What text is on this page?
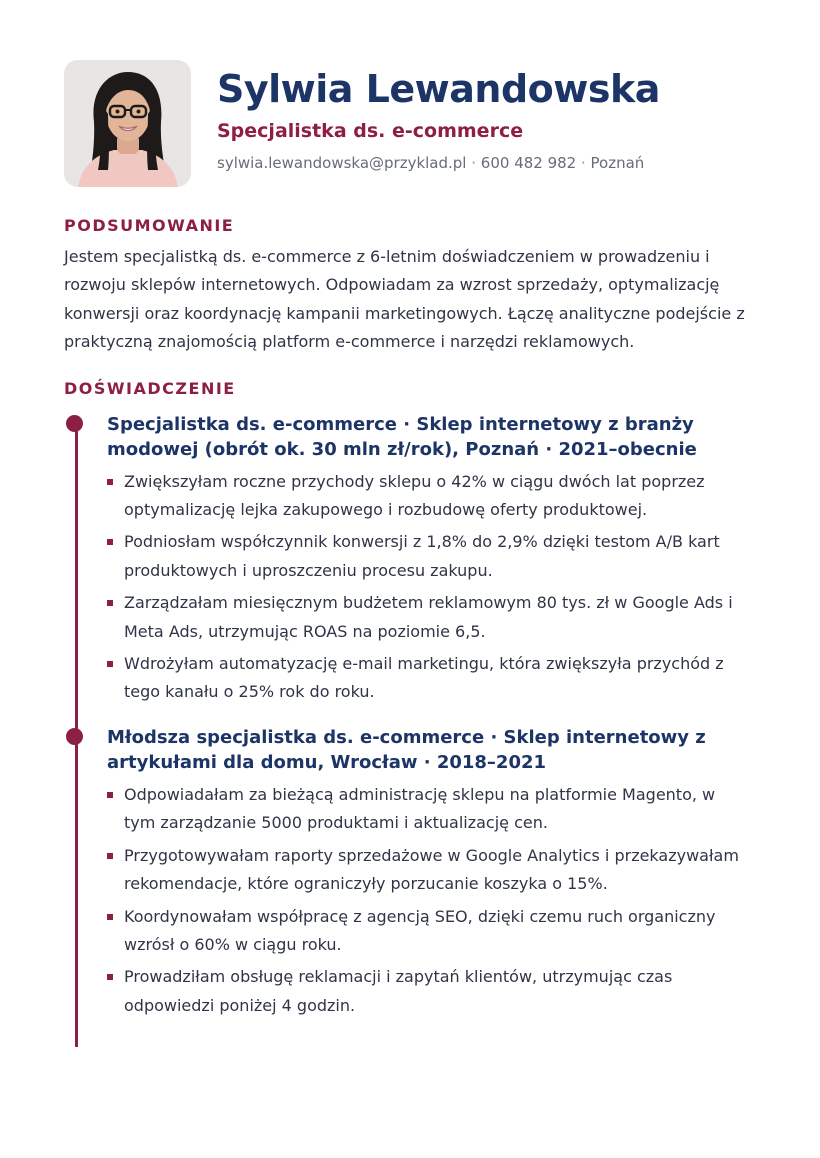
Sylwia Lewandowska
Specjalistka ds. e-commerce
sylwia.lewandowska@przyklad.pl · 600 482 982 · Poznań
PODSUMOWANIE
Jestem specjalistką ds. e-commerce z 6-letnim doświadczeniem w prowadzeniu i rozwoju sklepów internetowych. Odpowiadam za wzrost sprzedaży, optymalizację konwersji oraz koordynację kampanii marketingowych. Łączę analityczne podejście z praktyczną znajomością platform e-commerce i narzędzi reklamowych.
DOŚWIADCZENIE
Specjalistka ds. e-commerce · Sklep internetowy z branży modowej (obrót ok. 30 mln zł/rok), Poznań · 2021–obecnie
Zwiększyłam roczne przychody sklepu o 42% w ciągu dwóch lat poprzez optymalizację lejka zakupowego i rozbudowę oferty produktowej.
Podniosłam współczynnik konwersji z 1,8% do 2,9% dzięki testom A/B kart produktowych i uproszczeniu procesu zakupu.
Zarządzałam miesięcznym budżetem reklamowym 80 tys. zł w Google Ads i Meta Ads, utrzymując ROAS na poziomie 6,5.
Wdrożyłam automatyzację e-mail marketingu, która zwiększyła przychód z tego kanału o 25% rok do roku.
Młodsza specjalistka ds. e-commerce · Sklep internetowy z artykułami dla domu, Wrocław · 2018–2021
Odpowiadałam za bieżącą administrację sklepu na platformie Magento, w tym zarządzanie 5000 produktami i aktualizację cen.
Przygotowywałam raporty sprzedażowe w Google Analytics i przekazywałam rekomendacje, które ograniczyły porzucanie koszyka o 15%.
Koordynowałam współpracę z agencją SEO, dzięki czemu ruch organiczny wzrósł o 60% w ciągu roku.
Prowadziłam obsługę reklamacji i zapytań klientów, utrzymując czas odpowiedzi poniżej 4 godzin.
